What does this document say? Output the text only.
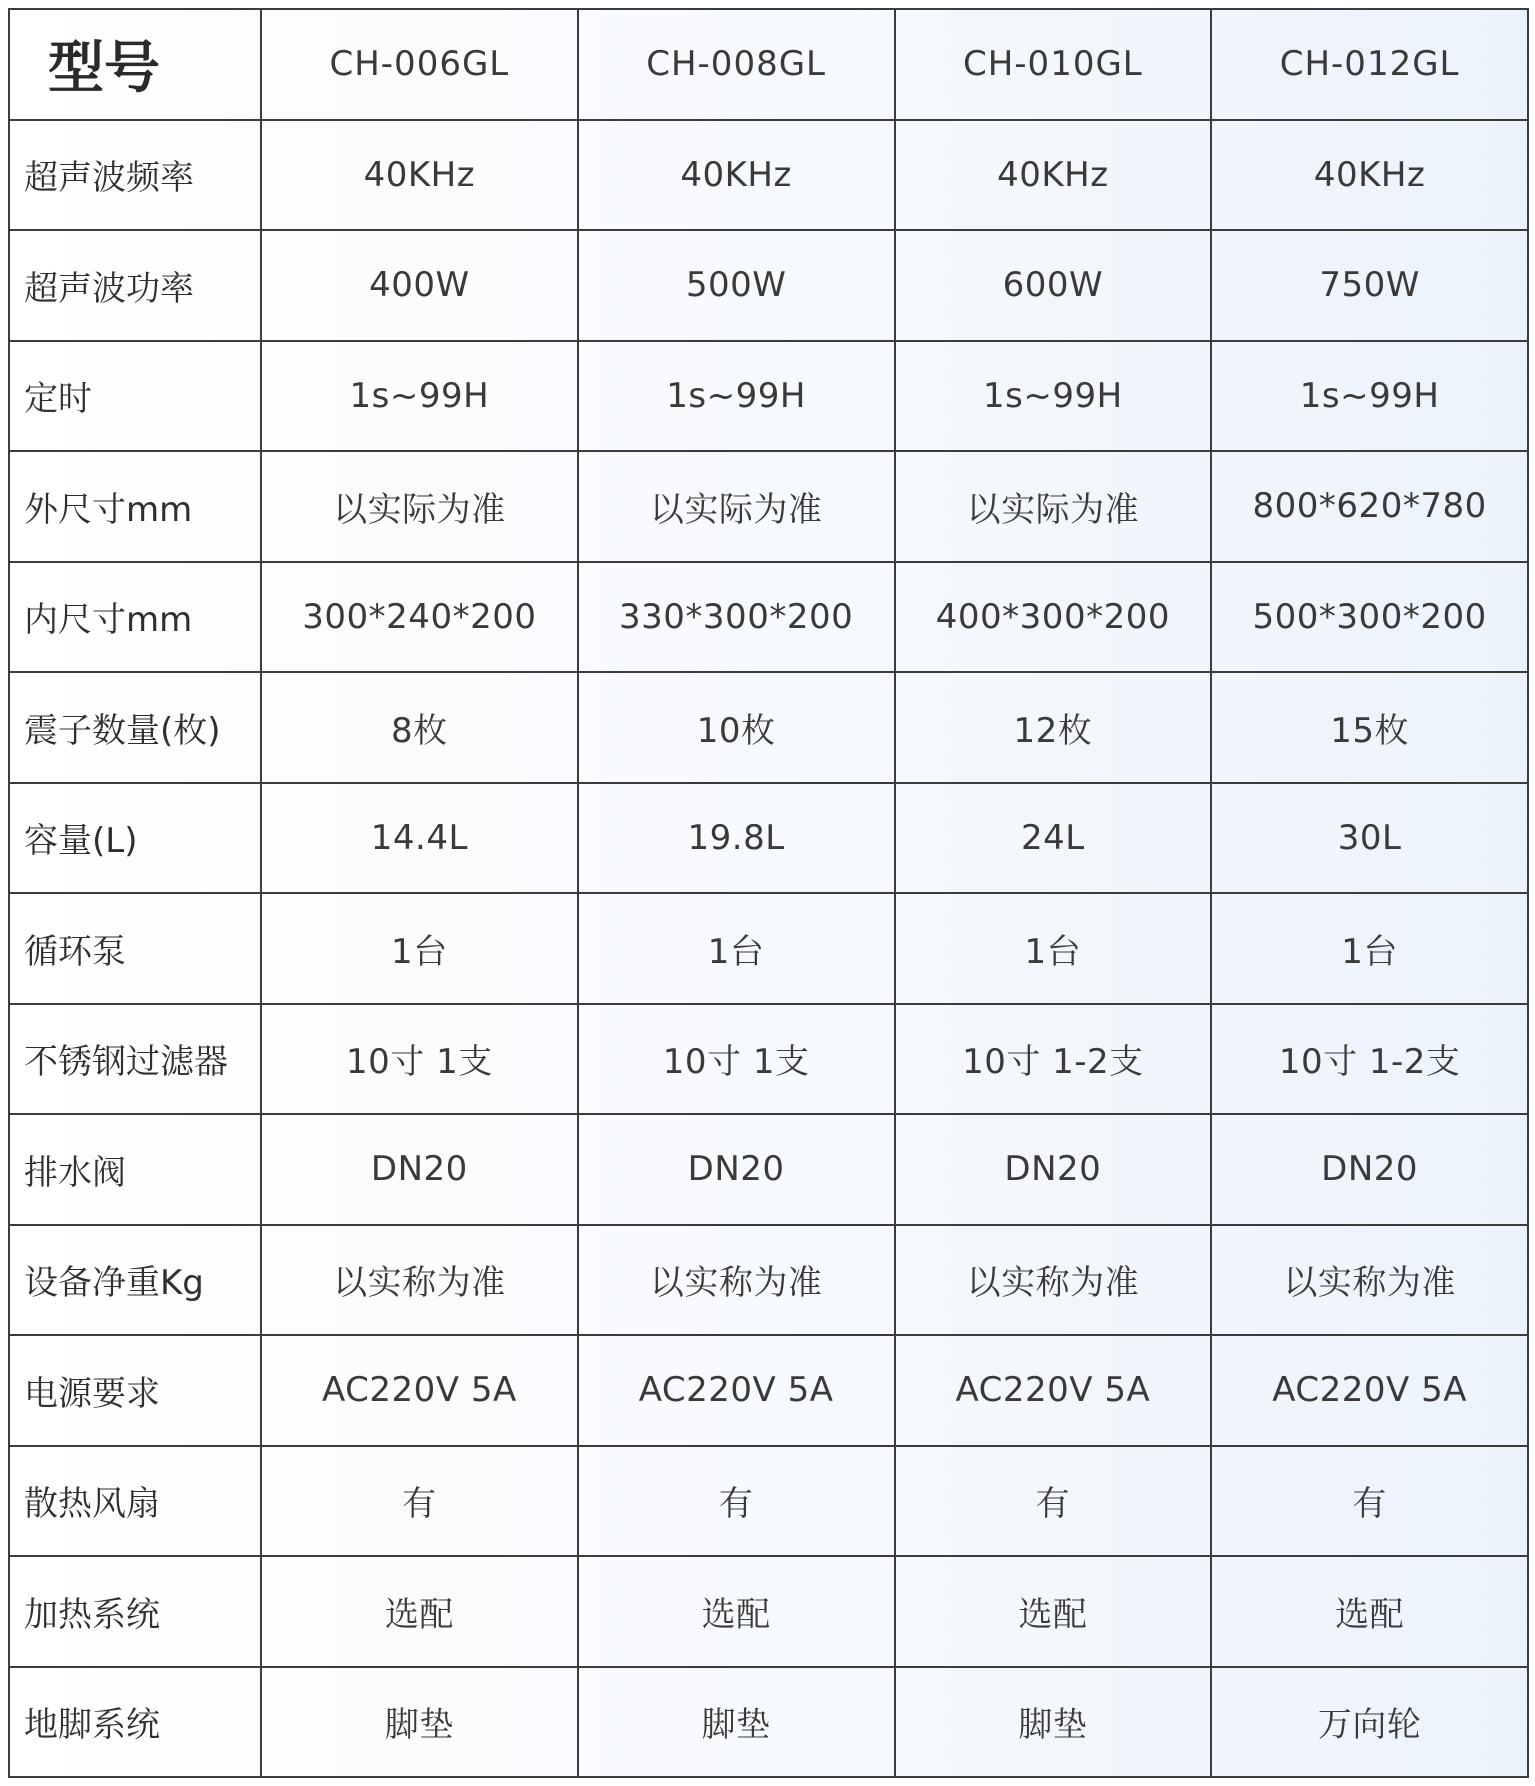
型号	CH-006GL	CH-008GL	CH-010GL	CH-012GL
超声波频率	40KHz	40KHz	40KHz	40KHz
超声波功率	400W	500W	600W	750W
定时	1s~99H	1s~99H	1s~99H	1s~99H
外尺寸mm	以实际为准	以实际为准	以实际为准	800*620*780
内尺寸mm	300*240*200	330*300*200	400*300*200	500*300*200
震子数量(枚)	8枚	10枚	12枚	15枚
容量(L)	14.4L	19.8L	24L	30L
循环泵	1台	1台	1台	1台
不锈钢过滤器	10寸 1支	10寸 1支	10寸 1-2支	10寸 1-2支
排水阀	DN20	DN20	DN20	DN20
设备净重Kg	以实称为准	以实称为准	以实称为准	以实称为准
电源要求	AC220V 5A	AC220V 5A	AC220V 5A	AC220V 5A
散热风扇	有	有	有	有
加热系统	选配	选配	选配	选配
地脚系统	脚垫	脚垫	脚垫	万向轮
